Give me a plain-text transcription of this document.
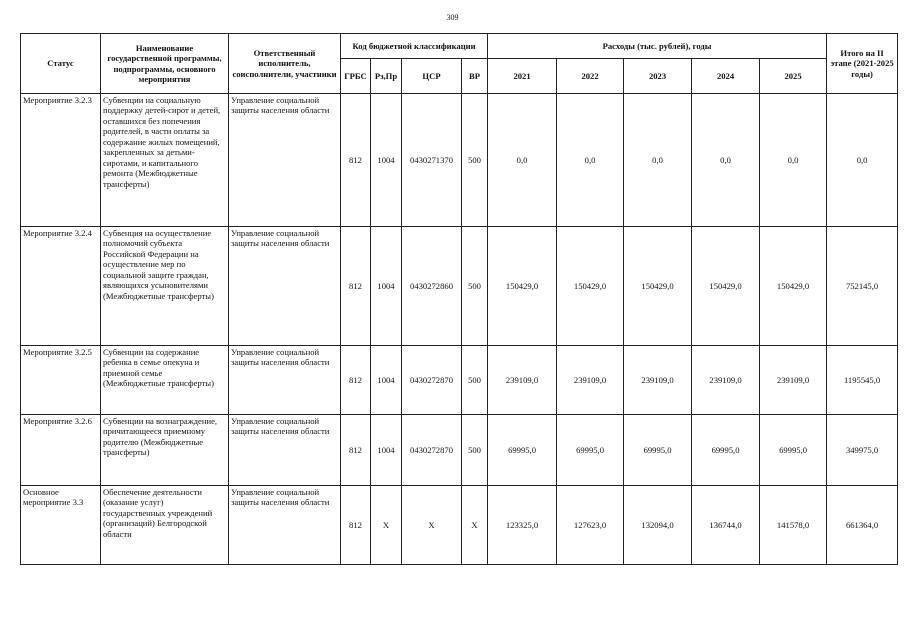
309
Статус	Наименование государственной программы, подпрограммы, основного мероприятия	Ответственный исполнитель, соисполнители, участники	Код бюджетной классификации				Расходы (тыс. рублей), годы					Итого на II этапе (2021-2025 годы)
			ГРБС	Рз,Пр	ЦСР	ВР	2021	2022	2023	2024	2025	
Мероприятие 3.2.3	Субвенции на социальную поддержку детей-сирот и детей, оставшихся без попечения родителей, в части оплаты за содержание жилых помещений, закрепленных за детьми-сиротами, и капитального ремонта (Межбюджетные трансферты)	Управление социальной защиты населения области	812	1004	0430271370	500	0,0	0,0	0,0	0,0	0,0	0,0
Мероприятие 3.2.4	Субвенция на осуществление полномочий субъекта Российской Федерации на осуществление мер по социальной защите граждан, являющихся усыновителями (Межбюджетные трансферты)	Управление социальной защиты населения области	812	1004	0430272860	500	150429,0	150429,0	150429,0	150429,0	150429,0	752145,0
Мероприятие 3.2.5	Субвенции на содержание ребенка в семье опекуна и приемной семье (Межбюджетные трансферты)	Управление социальной защиты населения области	812	1004	0430272870	500	239109,0	239109,0	239109,0	239109,0	239109,0	1195545,0
Мероприятие 3.2.6	Субвенции на вознаграждение, причитающееся приемному родителю (Межбюджетные трансферты)	Управление социальной защиты населения области	812	1004	0430272870	500	69995,0	69995,0	69995,0	69995,0	69995,0	349975,0
Основное мероприятие 3.3	Обеспечение деятельности (оказание услуг) государственных учреждений (организаций) Белгородской области	Управление социальной защиты населения области	812	Х	Х	Х	123325,0	127623,0	132094,0	136744,0	141578,0	661364,0
